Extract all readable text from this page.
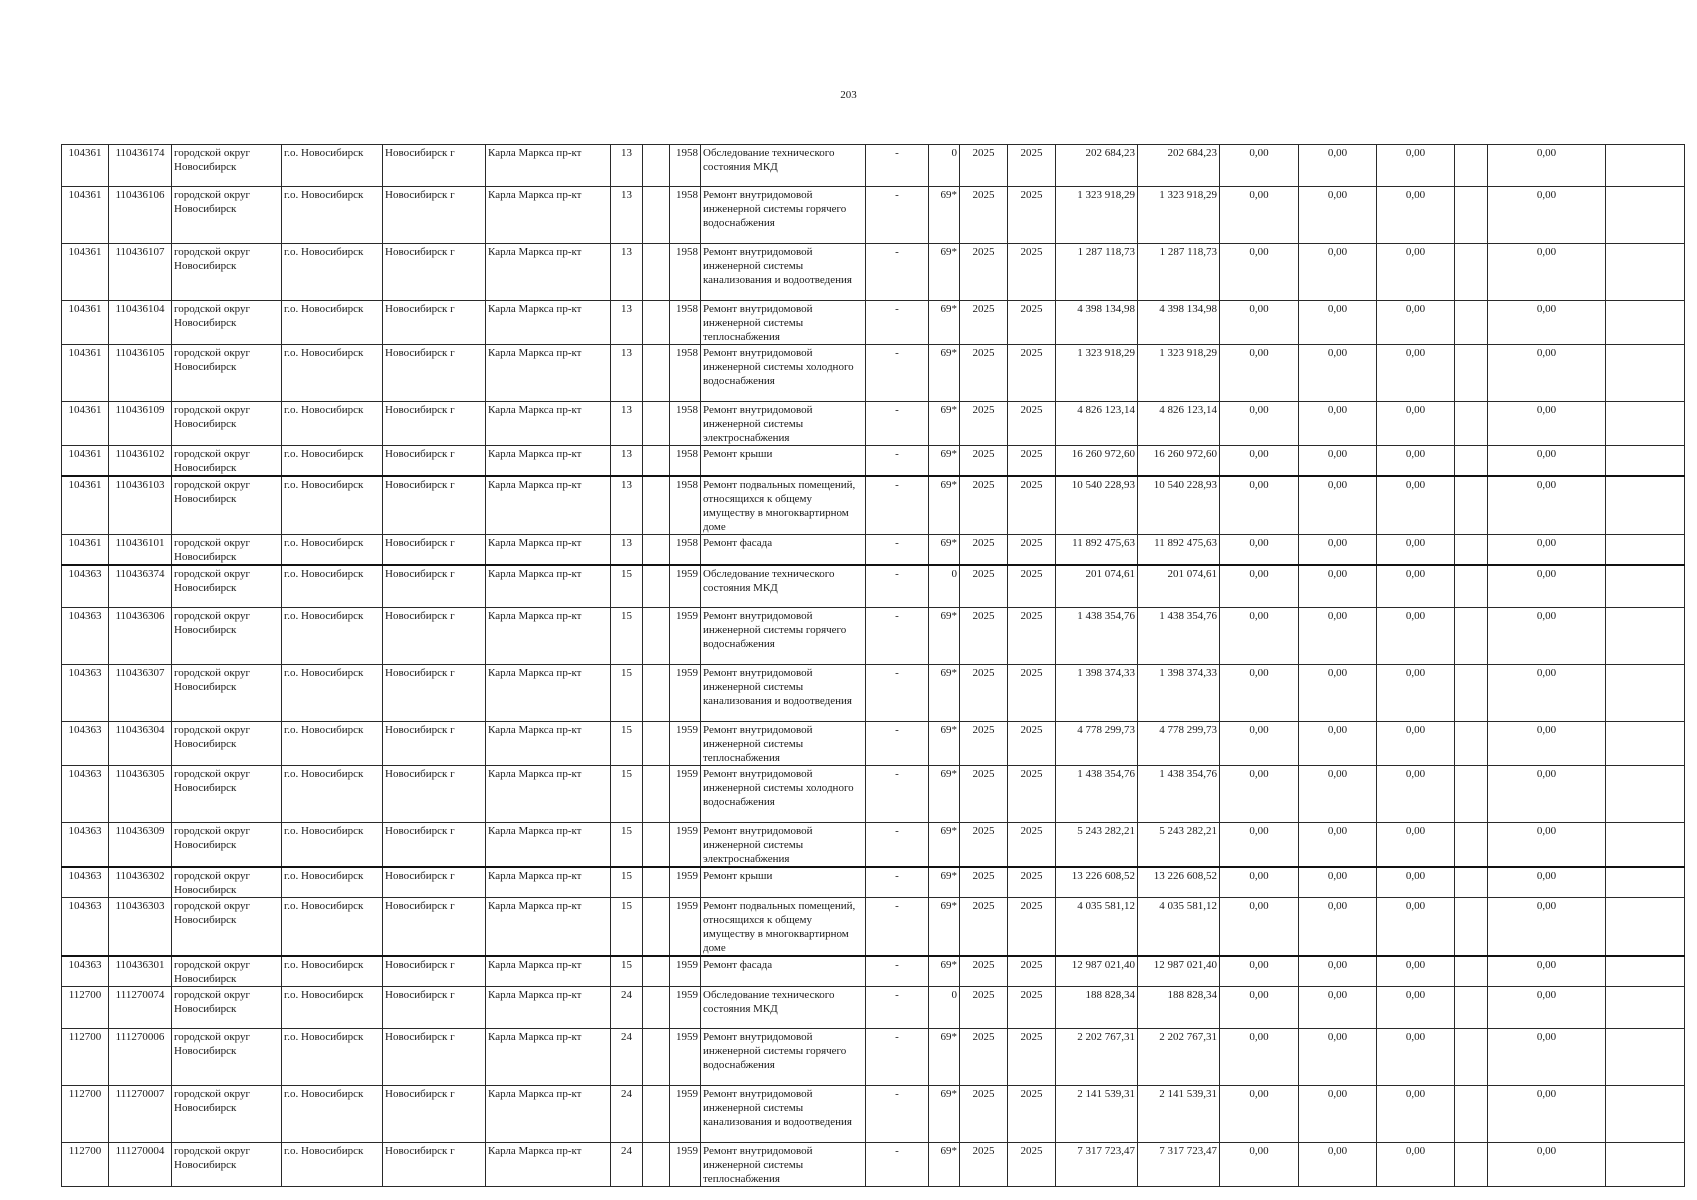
203
104361	110436174	городской округ Новосибирск	г.о. Новосибирск	Новосибирск г	Карла Маркса пр-кт	13		1958	Обследование технического состояния МКД	-	0	2025	2025	202 684,23	202 684,23	0,00	0,00	0,00		0,00	
104361	110436106	городской округ Новосибирск	г.о. Новосибирск	Новосибирск г	Карла Маркса пр-кт	13		1958	Ремонт внутридомовой инженерной системы горячего водоснабжения	-	69*	2025	2025	1 323 918,29	1 323 918,29	0,00	0,00	0,00		0,00	
104361	110436107	городской округ Новосибирск	г.о. Новосибирск	Новосибирск г	Карла Маркса пр-кт	13		1958	Ремонт внутридомовой инженерной системы канализования и водоотведения	-	69*	2025	2025	1 287 118,73	1 287 118,73	0,00	0,00	0,00		0,00	
104361	110436104	городской округ Новосибирск	г.о. Новосибирск	Новосибирск г	Карла Маркса пр-кт	13		1958	Ремонт внутридомовой инженерной системы теплоснабжения	-	69*	2025	2025	4 398 134,98	4 398 134,98	0,00	0,00	0,00		0,00	
104361	110436105	городской округ Новосибирск	г.о. Новосибирск	Новосибирск г	Карла Маркса пр-кт	13		1958	Ремонт внутридомовой инженерной системы холодного водоснабжения	-	69*	2025	2025	1 323 918,29	1 323 918,29	0,00	0,00	0,00		0,00	
104361	110436109	городской округ Новосибирск	г.о. Новосибирск	Новосибирск г	Карла Маркса пр-кт	13		1958	Ремонт внутридомовой инженерной системы электроснабжения	-	69*	2025	2025	4 826 123,14	4 826 123,14	0,00	0,00	0,00		0,00	
104361	110436102	городской округ Новосибирск	г.о. Новосибирск	Новосибирск г	Карла Маркса пр-кт	13		1958	Ремонт крыши	-	69*	2025	2025	16 260 972,60	16 260 972,60	0,00	0,00	0,00		0,00	
104361	110436103	городской округ Новосибирск	г.о. Новосибирск	Новосибирск г	Карла Маркса пр-кт	13		1958	Ремонт подвальных помещений, относящихся к общему имуществу в многоквартирном доме	-	69*	2025	2025	10 540 228,93	10 540 228,93	0,00	0,00	0,00		0,00	
104361	110436101	городской округ Новосибирск	г.о. Новосибирск	Новосибирск г	Карла Маркса пр-кт	13		1958	Ремонт фасада	-	69*	2025	2025	11 892 475,63	11 892 475,63	0,00	0,00	0,00		0,00	
104363	110436374	городской округ Новосибирск	г.о. Новосибирск	Новосибирск г	Карла Маркса пр-кт	15		1959	Обследование технического состояния МКД	-	0	2025	2025	201 074,61	201 074,61	0,00	0,00	0,00		0,00	
104363	110436306	городской округ Новосибирск	г.о. Новосибирск	Новосибирск г	Карла Маркса пр-кт	15		1959	Ремонт внутридомовой инженерной системы горячего водоснабжения	-	69*	2025	2025	1 438 354,76	1 438 354,76	0,00	0,00	0,00		0,00	
104363	110436307	городской округ Новосибирск	г.о. Новосибирск	Новосибирск г	Карла Маркса пр-кт	15		1959	Ремонт внутридомовой инженерной системы канализования и водоотведения	-	69*	2025	2025	1 398 374,33	1 398 374,33	0,00	0,00	0,00		0,00	
104363	110436304	городской округ Новосибирск	г.о. Новосибирск	Новосибирск г	Карла Маркса пр-кт	15		1959	Ремонт внутридомовой инженерной системы теплоснабжения	-	69*	2025	2025	4 778 299,73	4 778 299,73	0,00	0,00	0,00		0,00	
104363	110436305	городской округ Новосибирск	г.о. Новосибирск	Новосибирск г	Карла Маркса пр-кт	15		1959	Ремонт внутридомовой инженерной системы холодного водоснабжения	-	69*	2025	2025	1 438 354,76	1 438 354,76	0,00	0,00	0,00		0,00	
104363	110436309	городской округ Новосибирск	г.о. Новосибирск	Новосибирск г	Карла Маркса пр-кт	15		1959	Ремонт внутридомовой инженерной системы электроснабжения	-	69*	2025	2025	5 243 282,21	5 243 282,21	0,00	0,00	0,00		0,00	
104363	110436302	городской округ Новосибирск	г.о. Новосибирск	Новосибирск г	Карла Маркса пр-кт	15		1959	Ремонт крыши	-	69*	2025	2025	13 226 608,52	13 226 608,52	0,00	0,00	0,00		0,00	
104363	110436303	городской округ Новосибирск	г.о. Новосибирск	Новосибирск г	Карла Маркса пр-кт	15		1959	Ремонт подвальных помещений, относящихся к общему имуществу в многоквартирном доме	-	69*	2025	2025	4 035 581,12	4 035 581,12	0,00	0,00	0,00		0,00	
104363	110436301	городской округ Новосибирск	г.о. Новосибирск	Новосибирск г	Карла Маркса пр-кт	15		1959	Ремонт фасада	-	69*	2025	2025	12 987 021,40	12 987 021,40	0,00	0,00	0,00		0,00	
112700	111270074	городской округ Новосибирск	г.о. Новосибирск	Новосибирск г	Карла Маркса пр-кт	24		1959	Обследование технического состояния МКД	-	0	2025	2025	188 828,34	188 828,34	0,00	0,00	0,00		0,00	
112700	111270006	городской округ Новосибирск	г.о. Новосибирск	Новосибирск г	Карла Маркса пр-кт	24		1959	Ремонт внутридомовой инженерной системы горячего водоснабжения	-	69*	2025	2025	2 202 767,31	2 202 767,31	0,00	0,00	0,00		0,00	
112700	111270007	городской округ Новосибирск	г.о. Новосибирск	Новосибирск г	Карла Маркса пр-кт	24		1959	Ремонт внутридомовой инженерной системы канализования и водоотведения	-	69*	2025	2025	2 141 539,31	2 141 539,31	0,00	0,00	0,00		0,00	
112700	111270004	городской округ Новосибирск	г.о. Новосибирск	Новосибирск г	Карла Маркса пр-кт	24		1959	Ремонт внутридомовой инженерной системы теплоснабжения	-	69*	2025	2025	7 317 723,47	7 317 723,47	0,00	0,00	0,00		0,00	
